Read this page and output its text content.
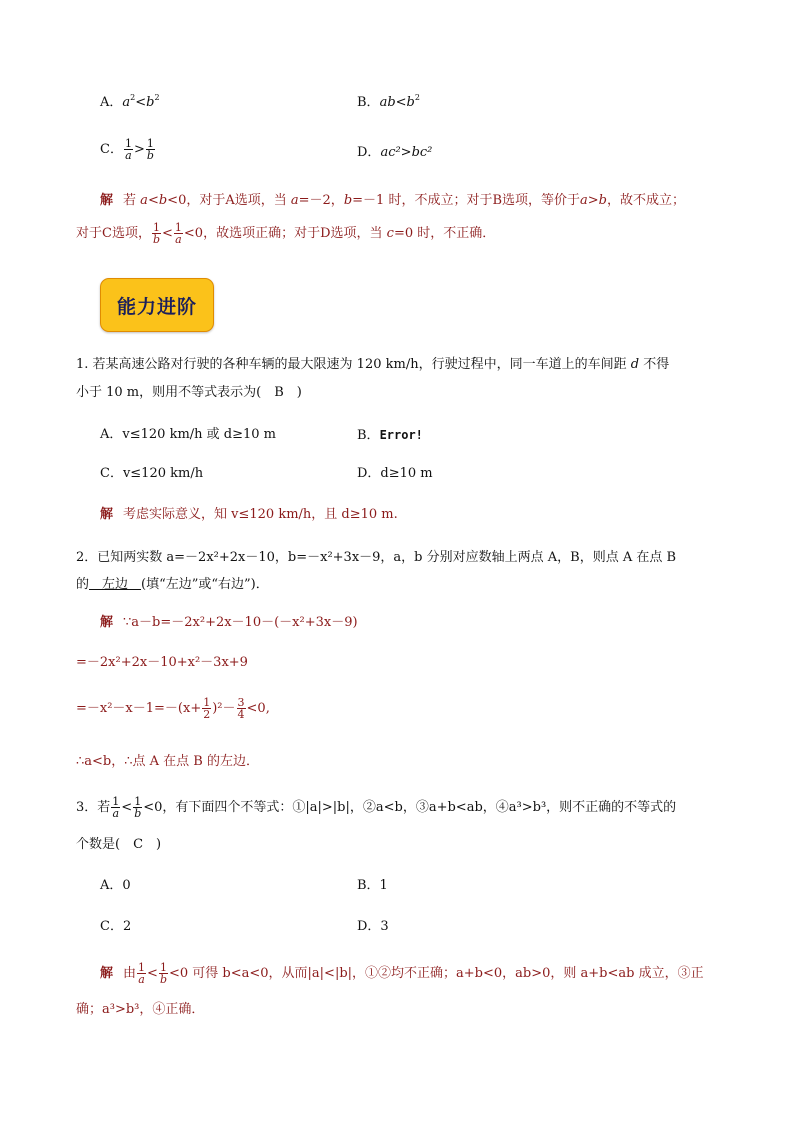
A．$a^2<b^2$	B．$ab<b^2$
C． $\frac{1}{a} > \frac{1}{b}$	D．ac²>bc²
解 若 a<b<0，对于A选项，当 a=－2，b=－1 时，不成立；对于B选项，等价于a>b，故不成立；
对于C选项， $\frac{1}{b} < \frac{1}{a} <0$，故选项正确；对于D选项，当 c=0 时，不正确．
能力进阶
1. 若某高速公路对行驶的各种车辆的最大限速为 120 km/h，行驶过程中，同一车道上的车间距 d 不得
小于 10 m，则用不等式表示为(　B　)
A．v≤120 km/h 或 d≥10 m	B．Error!
C．v≤120 km/h	D．d≥10 m
解 考虑实际意义，知 v≤120 km/h，且 d≥10 m.
2．已知两实数 a=－2x²+2x－10，b=－x²+3x－9，a，b 分别对应数轴上两点 A，B，则点 A 在点 B
的　左边　(填“左边”或“右边”)．
解 ∵a－b=－2x²+2x－10－(－x²+3x－9)
=－2x²+2x－10+x²－3x+9
$=-x^2-x-1=-(x+ \frac{1}{2} )^2- \frac{3}{4} <0$,
∴a<b，∴点 A 在点 B 的左边．
3．若 $\frac{1}{a} < \frac{1}{b} <0$，有下面四个不等式：①|a|>|b|，②a<b，③a+b<ab，④a³>b³，则不正确的不等式的
个数是(　C　)
A．0	B．1
C．2	D．3
解 由 $\frac{1}{a} < \frac{1}{b} <0$ 可得 b<a<0，从而|a|<|b|，①②均不正确；a+b<0，ab>0，则 a+b<ab 成立，③正
确；a³>b³，④正确．
